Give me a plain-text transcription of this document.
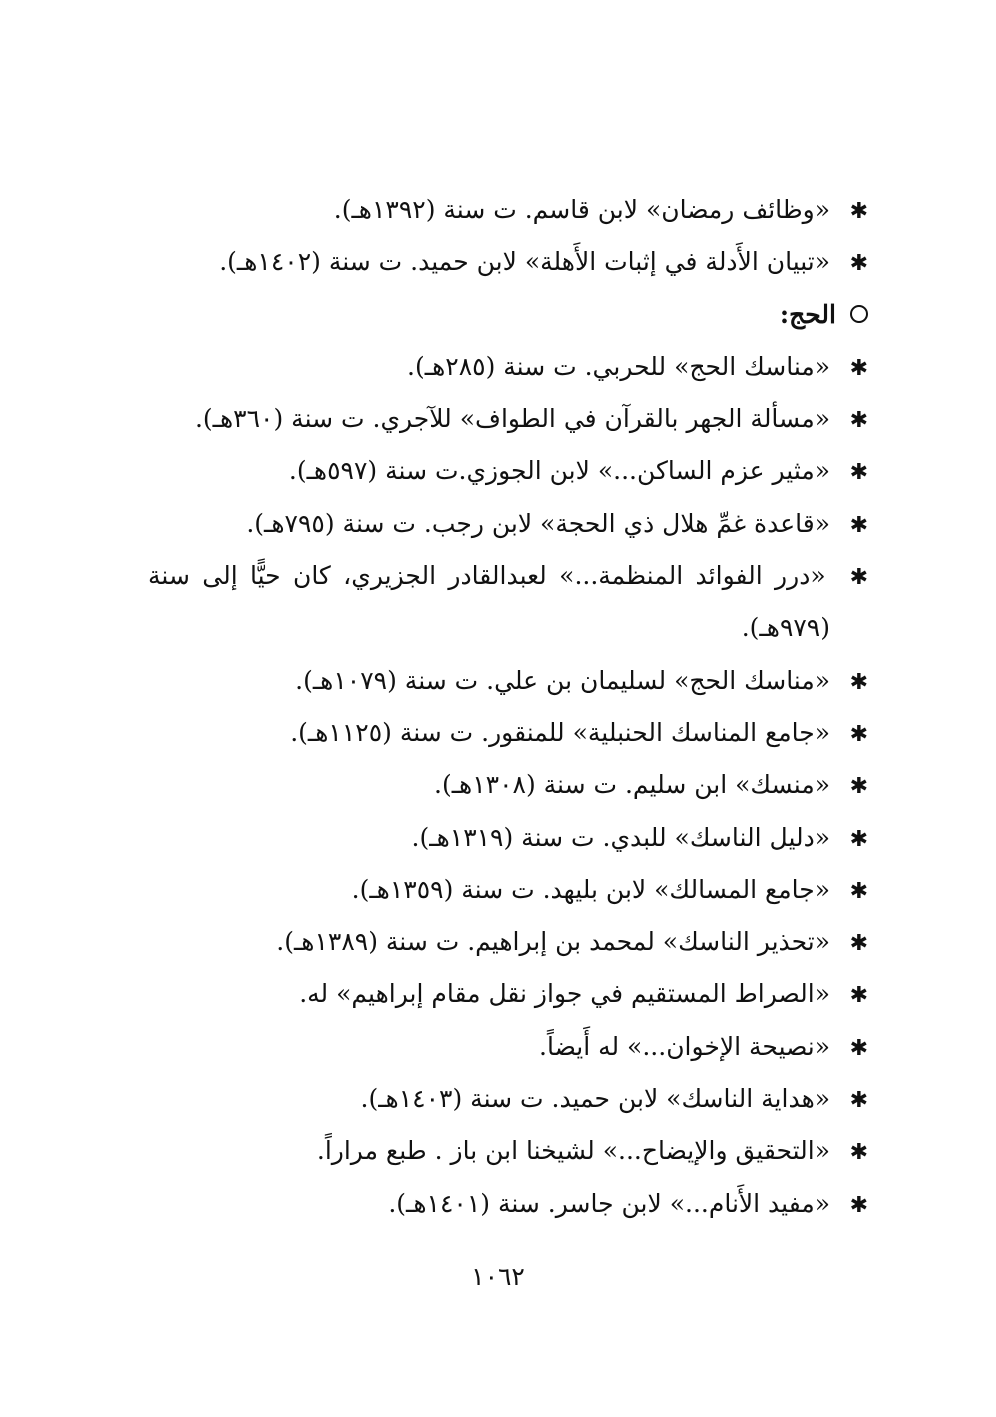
✱ «وظائف رمضان» لابن قاسم. ت سنة (١٣٩٢هـ).
✱ «تبيان الأَدلة في إثبات الأَهلة» لابن حميد. ت سنة (١٤٠٢هـ).
الحج:
✱ «مناسك الحج» للحربي. ت سنة (٢٨٥هـ).
✱ «مسألة الجهر بالقرآن في الطواف» للآجري. ت سنة (٣٦٠هـ).
✱ «مثير عزم الساكن...» لابن الجوزي.ت سنة (٥٩٧هـ).
✱ «قاعدة غمِّ هلال ذي الحجة» لابن رجب. ت سنة (٧٩٥هـ).
✱ «درر الفوائد المنظمة...» لعبدالقادر الجزيري، كان حيًّا إلى سنة
(٩٧٩هـ).
✱ «مناسك الحج» لسليمان بن علي. ت سنة (١٠٧٩هـ).
✱ «جامع المناسك الحنبلية» للمنقور. ت سنة (١١٢٥هـ).
✱ «منسك» ابن سليم. ت سنة (١٣٠٨هـ).
✱ «دليل الناسك» للبدي. ت سنة (١٣١٩هـ).
✱ «جامع المسالك» لابن بليهد. ت سنة (١٣٥٩هـ).
✱ «تحذير الناسك» لمحمد بن إبراهيم. ت سنة (١٣٨٩هـ).
✱ «الصراط المستقيم في جواز نقل مقام إبراهيم» له.
✱ «نصيحة الإخوان...» له أَيضاً.
✱ «هداية الناسك» لابن حميد. ت سنة (١٤٠٣هـ).
✱ «التحقيق والإيضاح...» لشيخنا ابن باز . طبع مراراً.
✱ «مفيد الأَنام...» لابن جاسر. سنة (١٤٠١هـ).
١٠٦٢
